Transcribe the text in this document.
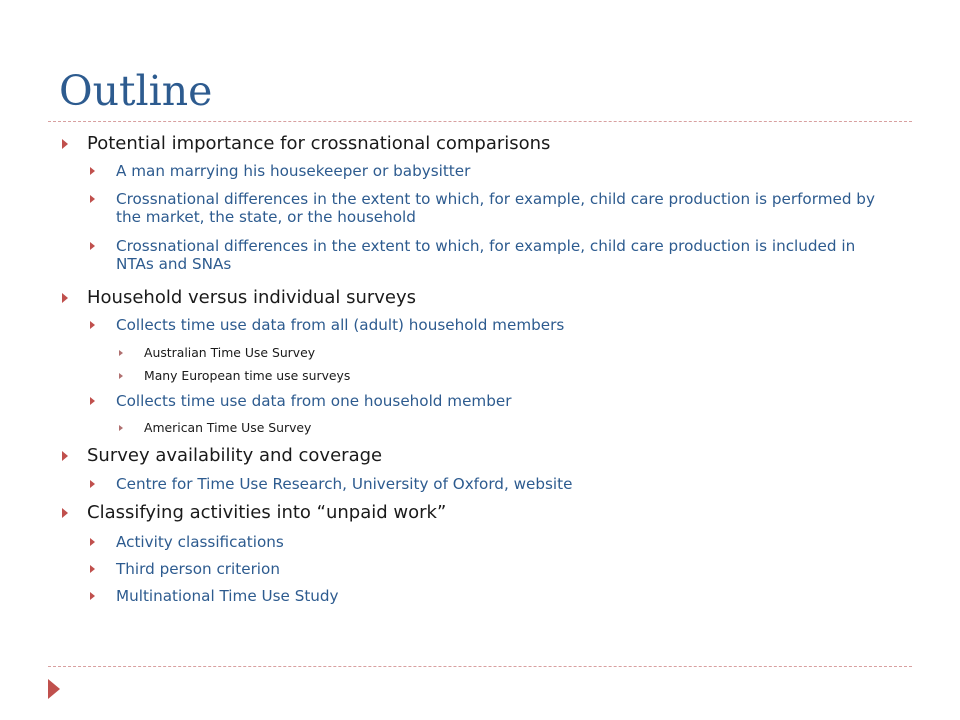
Outline
Potential importance for crossnational comparisons
A man marrying his housekeeper or babysitter
Crossnational differences in the extent to which, for example, child care production is performed by the market, the state, or the household
Crossnational differences in the extent to which, for example, child care production is included in NTAs and SNAs
Household versus individual surveys
Collects time use data from all (adult) household members
Australian Time Use Survey
Many European time use surveys
Collects time use data from one household member
American Time Use Survey
Survey availability and coverage
Centre for Time Use Research, University of Oxford, website
Classifying activities into “unpaid work”
Activity classifications
Third person criterion
Multinational Time Use Study
